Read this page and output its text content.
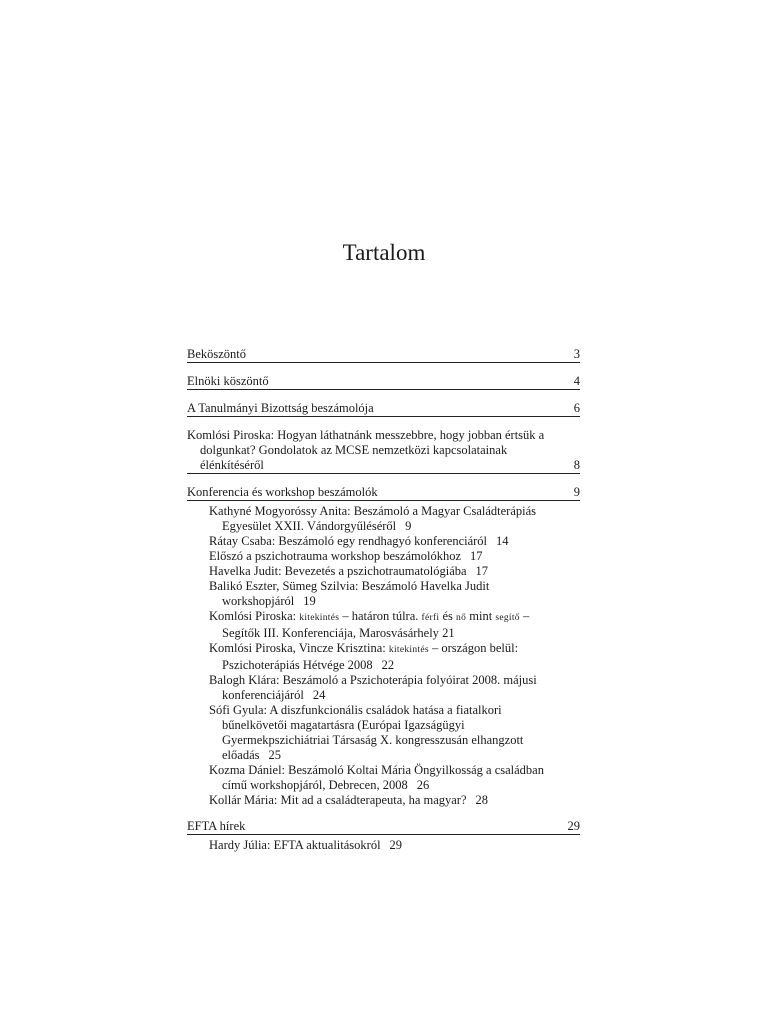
Tartalom
Beköszöntő	3
Elnöki köszöntő	4
A Tanulmányi Bizottság beszámolója	6
Komlósi Piroska: Hogyan láthatnánk messzebbre, hogy jobban értsük a dolgunkat? Gondolatok az MCSE nemzetközi kapcsolatainak élénkítéséről	8
Konferencia és workshop beszámolók	9
Kathyné Mogyoróssy Anita: Beszámoló a Magyar Családterápiás Egyesület XXII. Vándorgyűléséről 9
Rátay Csaba: Beszámoló egy rendhagyó konferenciáról 14
Előszó a pszichotrauma workshop beszámolókhoz 17
Havelka Judit: Bevezetés a pszichotraumatológiába 17
Balikó Eszter, Sümeg Szilvia: Beszámoló Havelka Judit workshopjáról 19
Komlósi Piroska: kitekintés – határon túlra. férfi és nő mint segítő – Segítők III. Konferenciája, Marosvásárhely 21
Komlósi Piroska, Vincze Krisztina: kitekintés – országon belül: Pszichoterápiás Hétvége 2008 22
Balogh Klára: Beszámoló a Pszichoterápia folyóirat 2008. májusi konferenciájáról 24
Sófi Gyula: A diszfunkcionális családok hatása a fiatalkori bűnelkövetői magatartásra (Európai Igazságügyi Gyermekpszichiátriai Társaság X. kongresszusán elhangzott előadás 25
Kozma Dániel: Beszámoló Koltai Mária Öngyilkosság a családban című workshopjáról, Debrecen, 2008 26
Kollár Mária: Mit ad a családterapeuta, ha magyar? 28
EFTA hírek	29
Hardy Júlia: EFTA aktualitásokról 29
